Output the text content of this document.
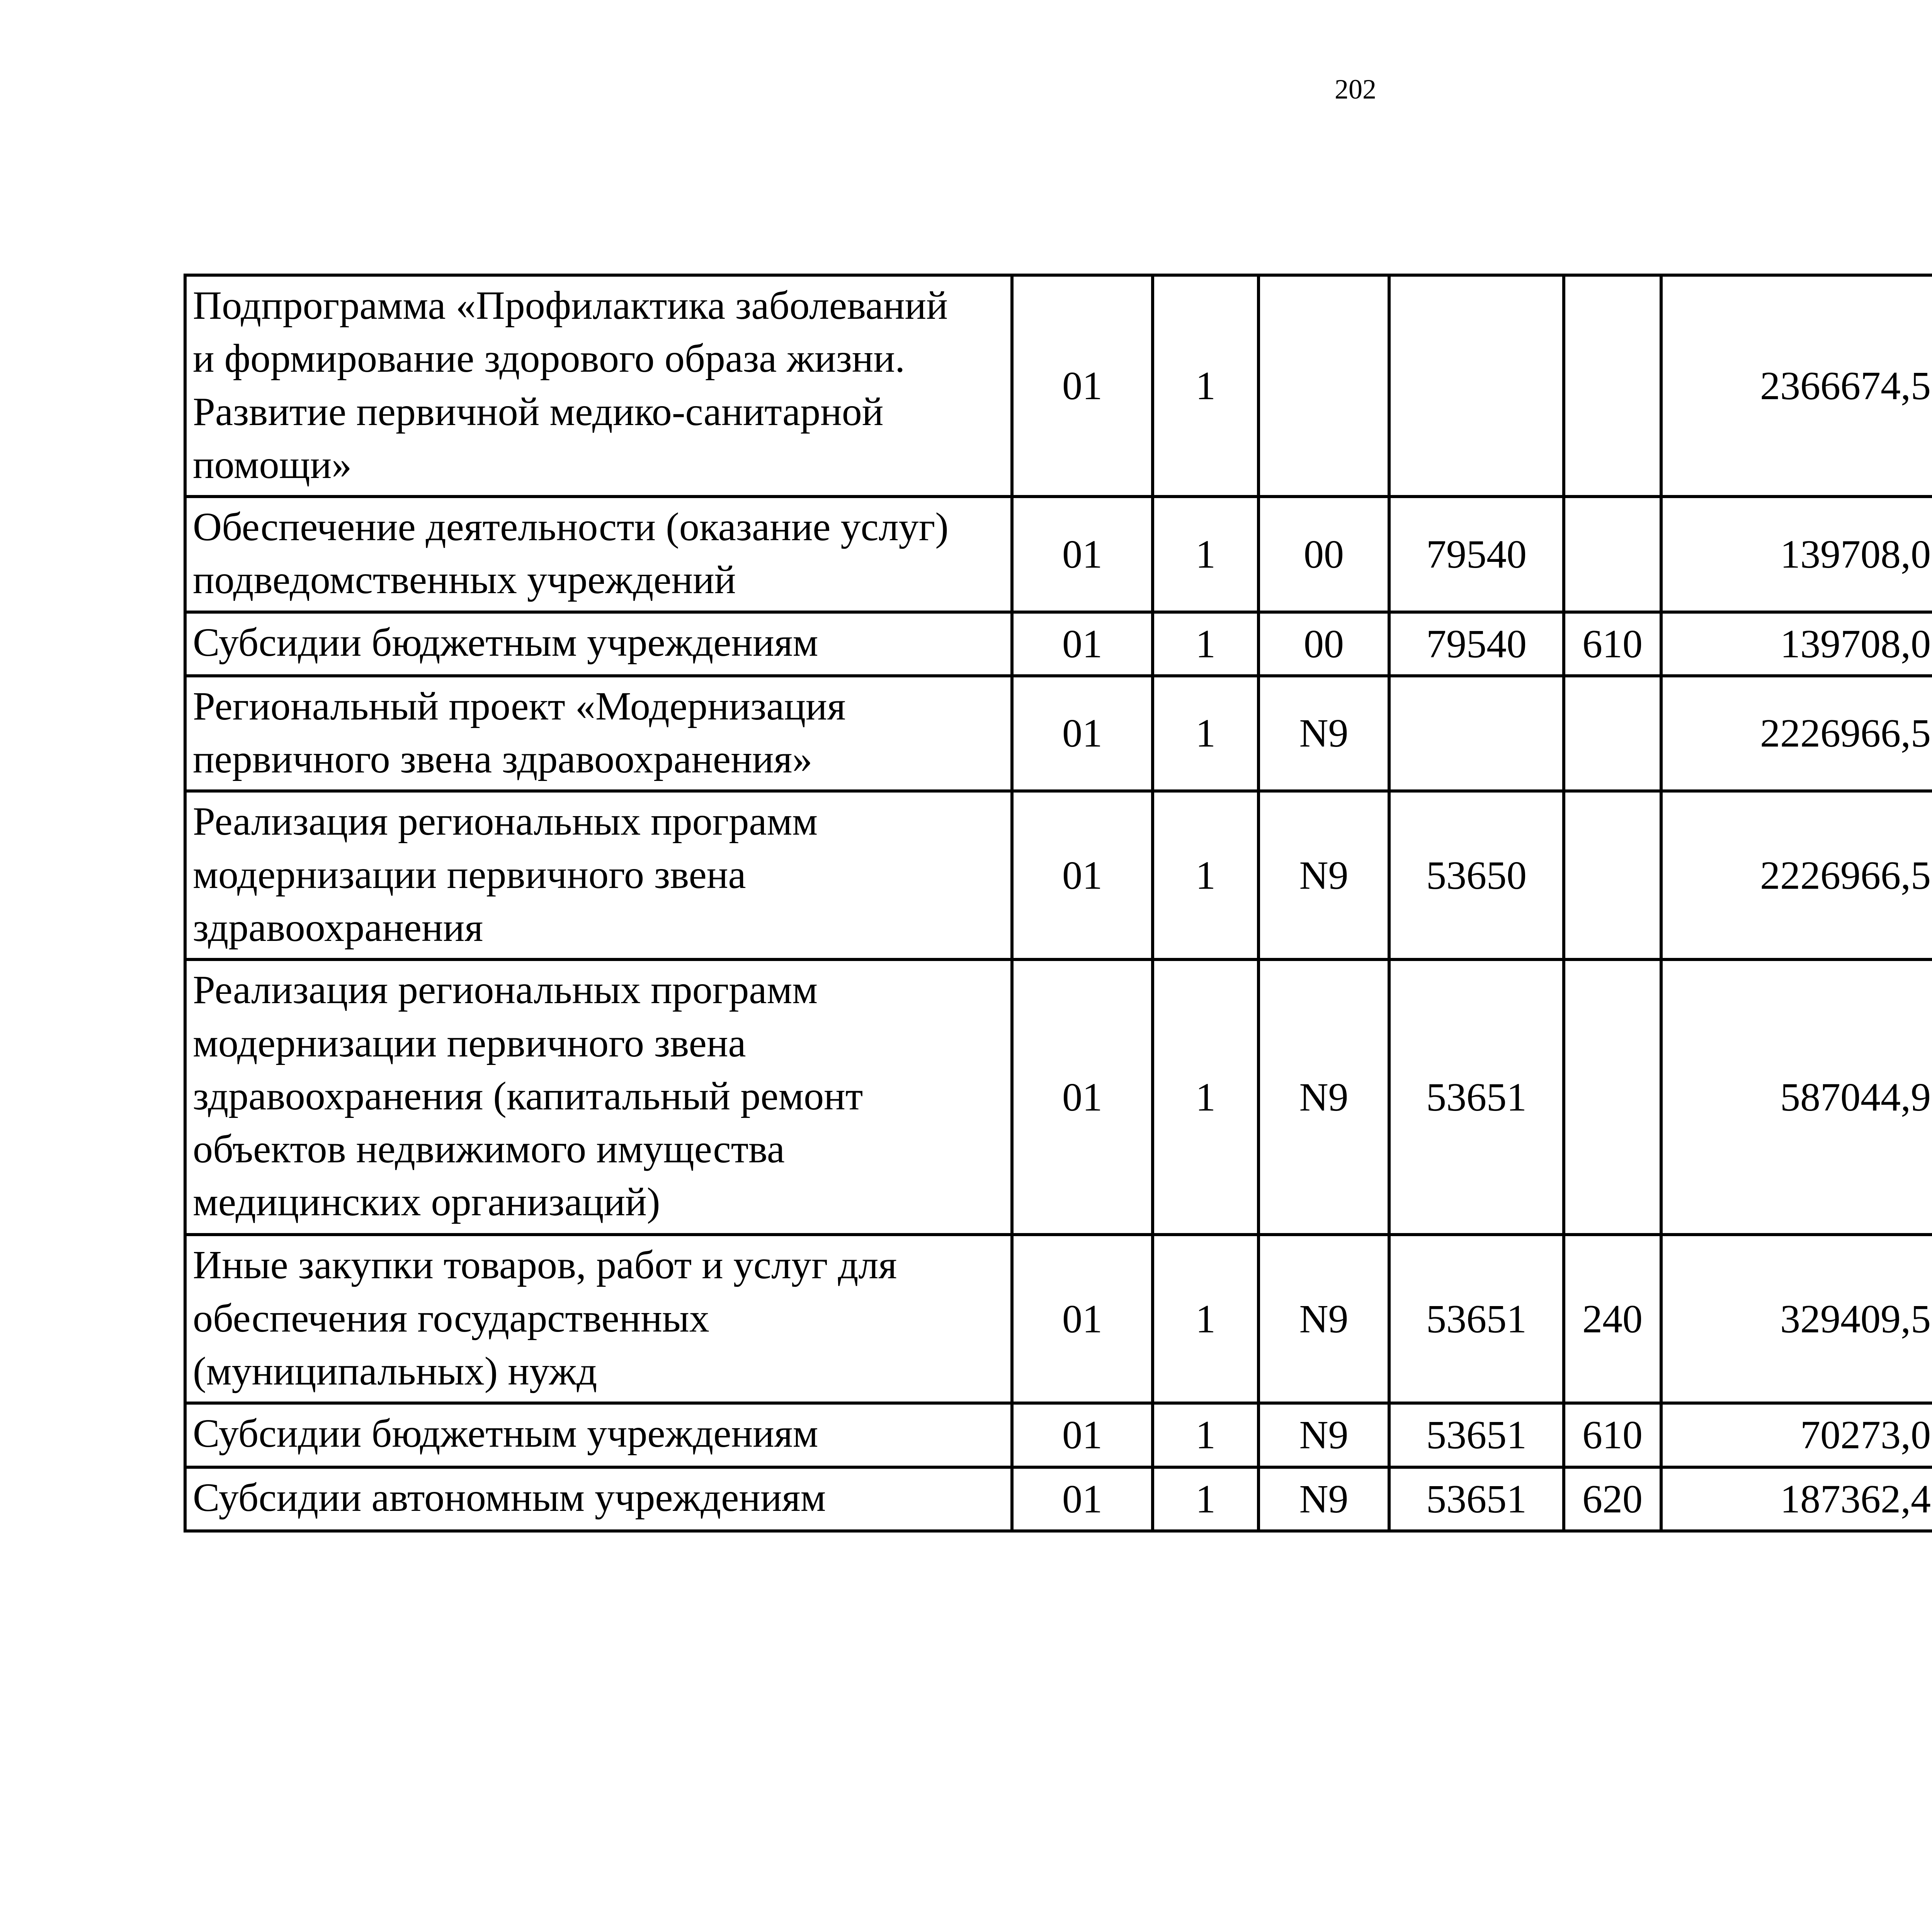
202
Подпрограмма «Профилактика заболеваний
и формирование здорового образа жизни.
Развитие первичной медико-санитарной
помощи»	01	1				2366674,5		
Обеспечение деятельности (оказание услуг)
подведомственных учреждений	01	1	00	79540		139708,0		
Субсидии бюджетным учреждениям	01	1	00	79540	610	139708,0		
Региональный проект «Модернизация
первичного звена здравоохранения»	01	1	N9			2226966,5		
Реализация региональных программ
модернизации первичного звена
здравоохранения	01	1	N9	53650		2226966,5		
Реализация региональных программ
модернизации первичного звена
здравоохранения (капитальный ремонт
объектов недвижимого имущества
медицинских организаций)	01	1	N9	53651		587044,9		
Иные закупки товаров, работ и услуг для
обеспечения государственных
(муниципальных) нужд	01	1	N9	53651	240	329409,5		
Субсидии бюджетным учреждениям	01	1	N9	53651	610	70273,0		
Субсидии автономным учреждениям	01	1	N9	53651	620	187362,4		
